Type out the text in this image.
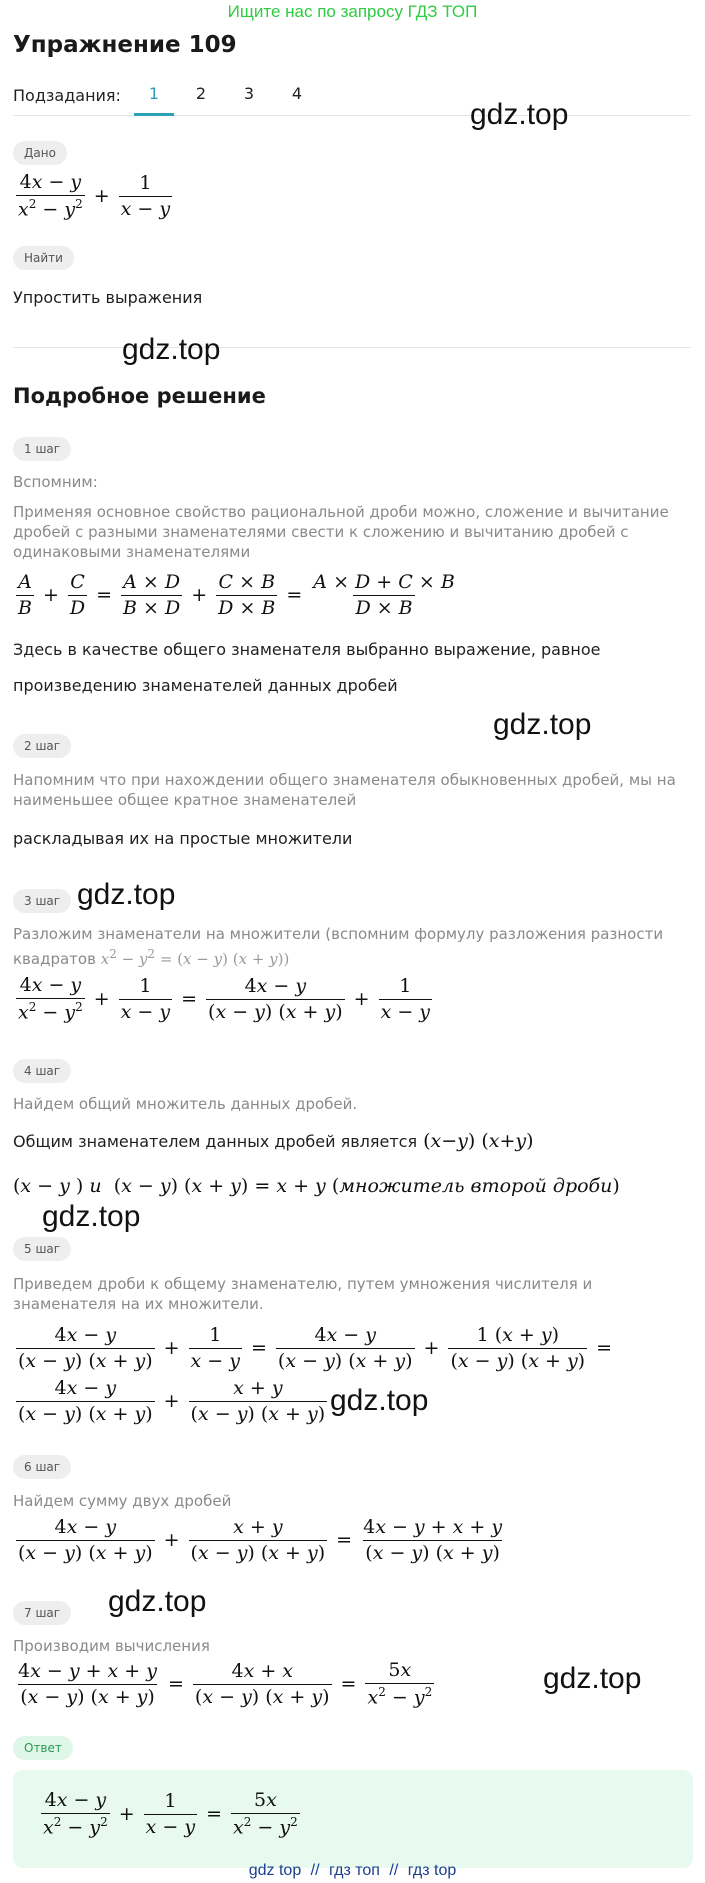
Ищите нас по запросу ГДЗ ТОП
Упражнение 109
Подзадания:	1	2	3	4
gdz.top
Дано
$\frac{4x - y}{x^2 - y^2} + \frac{1}{x - y}$
Найти
Упростить выражения
gdz.top
Подробное решение
1 шаг
Вспомним:
Применяя основное свойство рациональной дроби можно, сложение и вычитание дробей с разными знаменателями свести к сложению и вычитанию дробей с одинаковыми знаменателями
$\frac{A}{B} + \frac{C}{D} = \frac{A \times D}{B \times D} + \frac{C \times B}{D \times B} = \frac{A \times D + C \times B}{D \times B}$
Здесь в качестве общего знаменателя выбранно выражение, равное
произведению знаменателей данных дробей
gdz.top
2 шаг
Напомним что при нахождении общего знаменателя обыкновенных дробей, мы на наименьшее общее кратное знаменателей
раскладывая их на простые множители
3 шаг gdz.top
Разложим знаменатели на множители (вспомним формулу разложения разности квадратов $x^2 - y^2 = (x - y) (x + y)$)
$\frac{4x - y}{x^2 - y^2} + \frac{1}{x - y} = \frac{4x - y}{(x - y) (x + y)} + \frac{1}{x - y}$
4 шаг
Найдем общий множитель данных дробей.
Общим знаменателем данных дробей является ( x − y ) ( x + y )
(x − y ) и  (x − y) (x + y) = x + y (множитель второй дроби)
gdz.top
5 шаг
Приведем дроби к общему знаменателю, путем умножения числителя и знаменателя на их множители.
$\frac{4x - y}{(x - y) (x + y)} + \frac{1}{x - y} = \frac{4x - y}{(x - y) (x + y)} + \frac{1 (x + y)}{(x - y) (x + y)}$ =
$\frac{4x - y}{(x - y) (x + y)} + \frac{x + y}{(x - y) (x + y)} gdz.top$
6 шаг
Найдем сумму двух дробей
$\frac{4x - y}{(x - y) (x + y)} + \frac{x + y}{(x - y) (x + y)} = \frac{4x - y + x + y}{(x - y) (x + y)}$
7 шаг	gdz.top
Производим вычисления
$\frac{4x - y + x + y}{(x - y) (x + y)} = \frac{4x + x}{(x - y) (x + y)} = \frac{5x}{x^2 - y^2}$	gdz.top
Ответ
$\frac{4x - y}{x^2 - y^2} + \frac{1}{x - y} = \frac{5x}{x^2 - y^2}$
gdz top // гдз топ // гдз top
